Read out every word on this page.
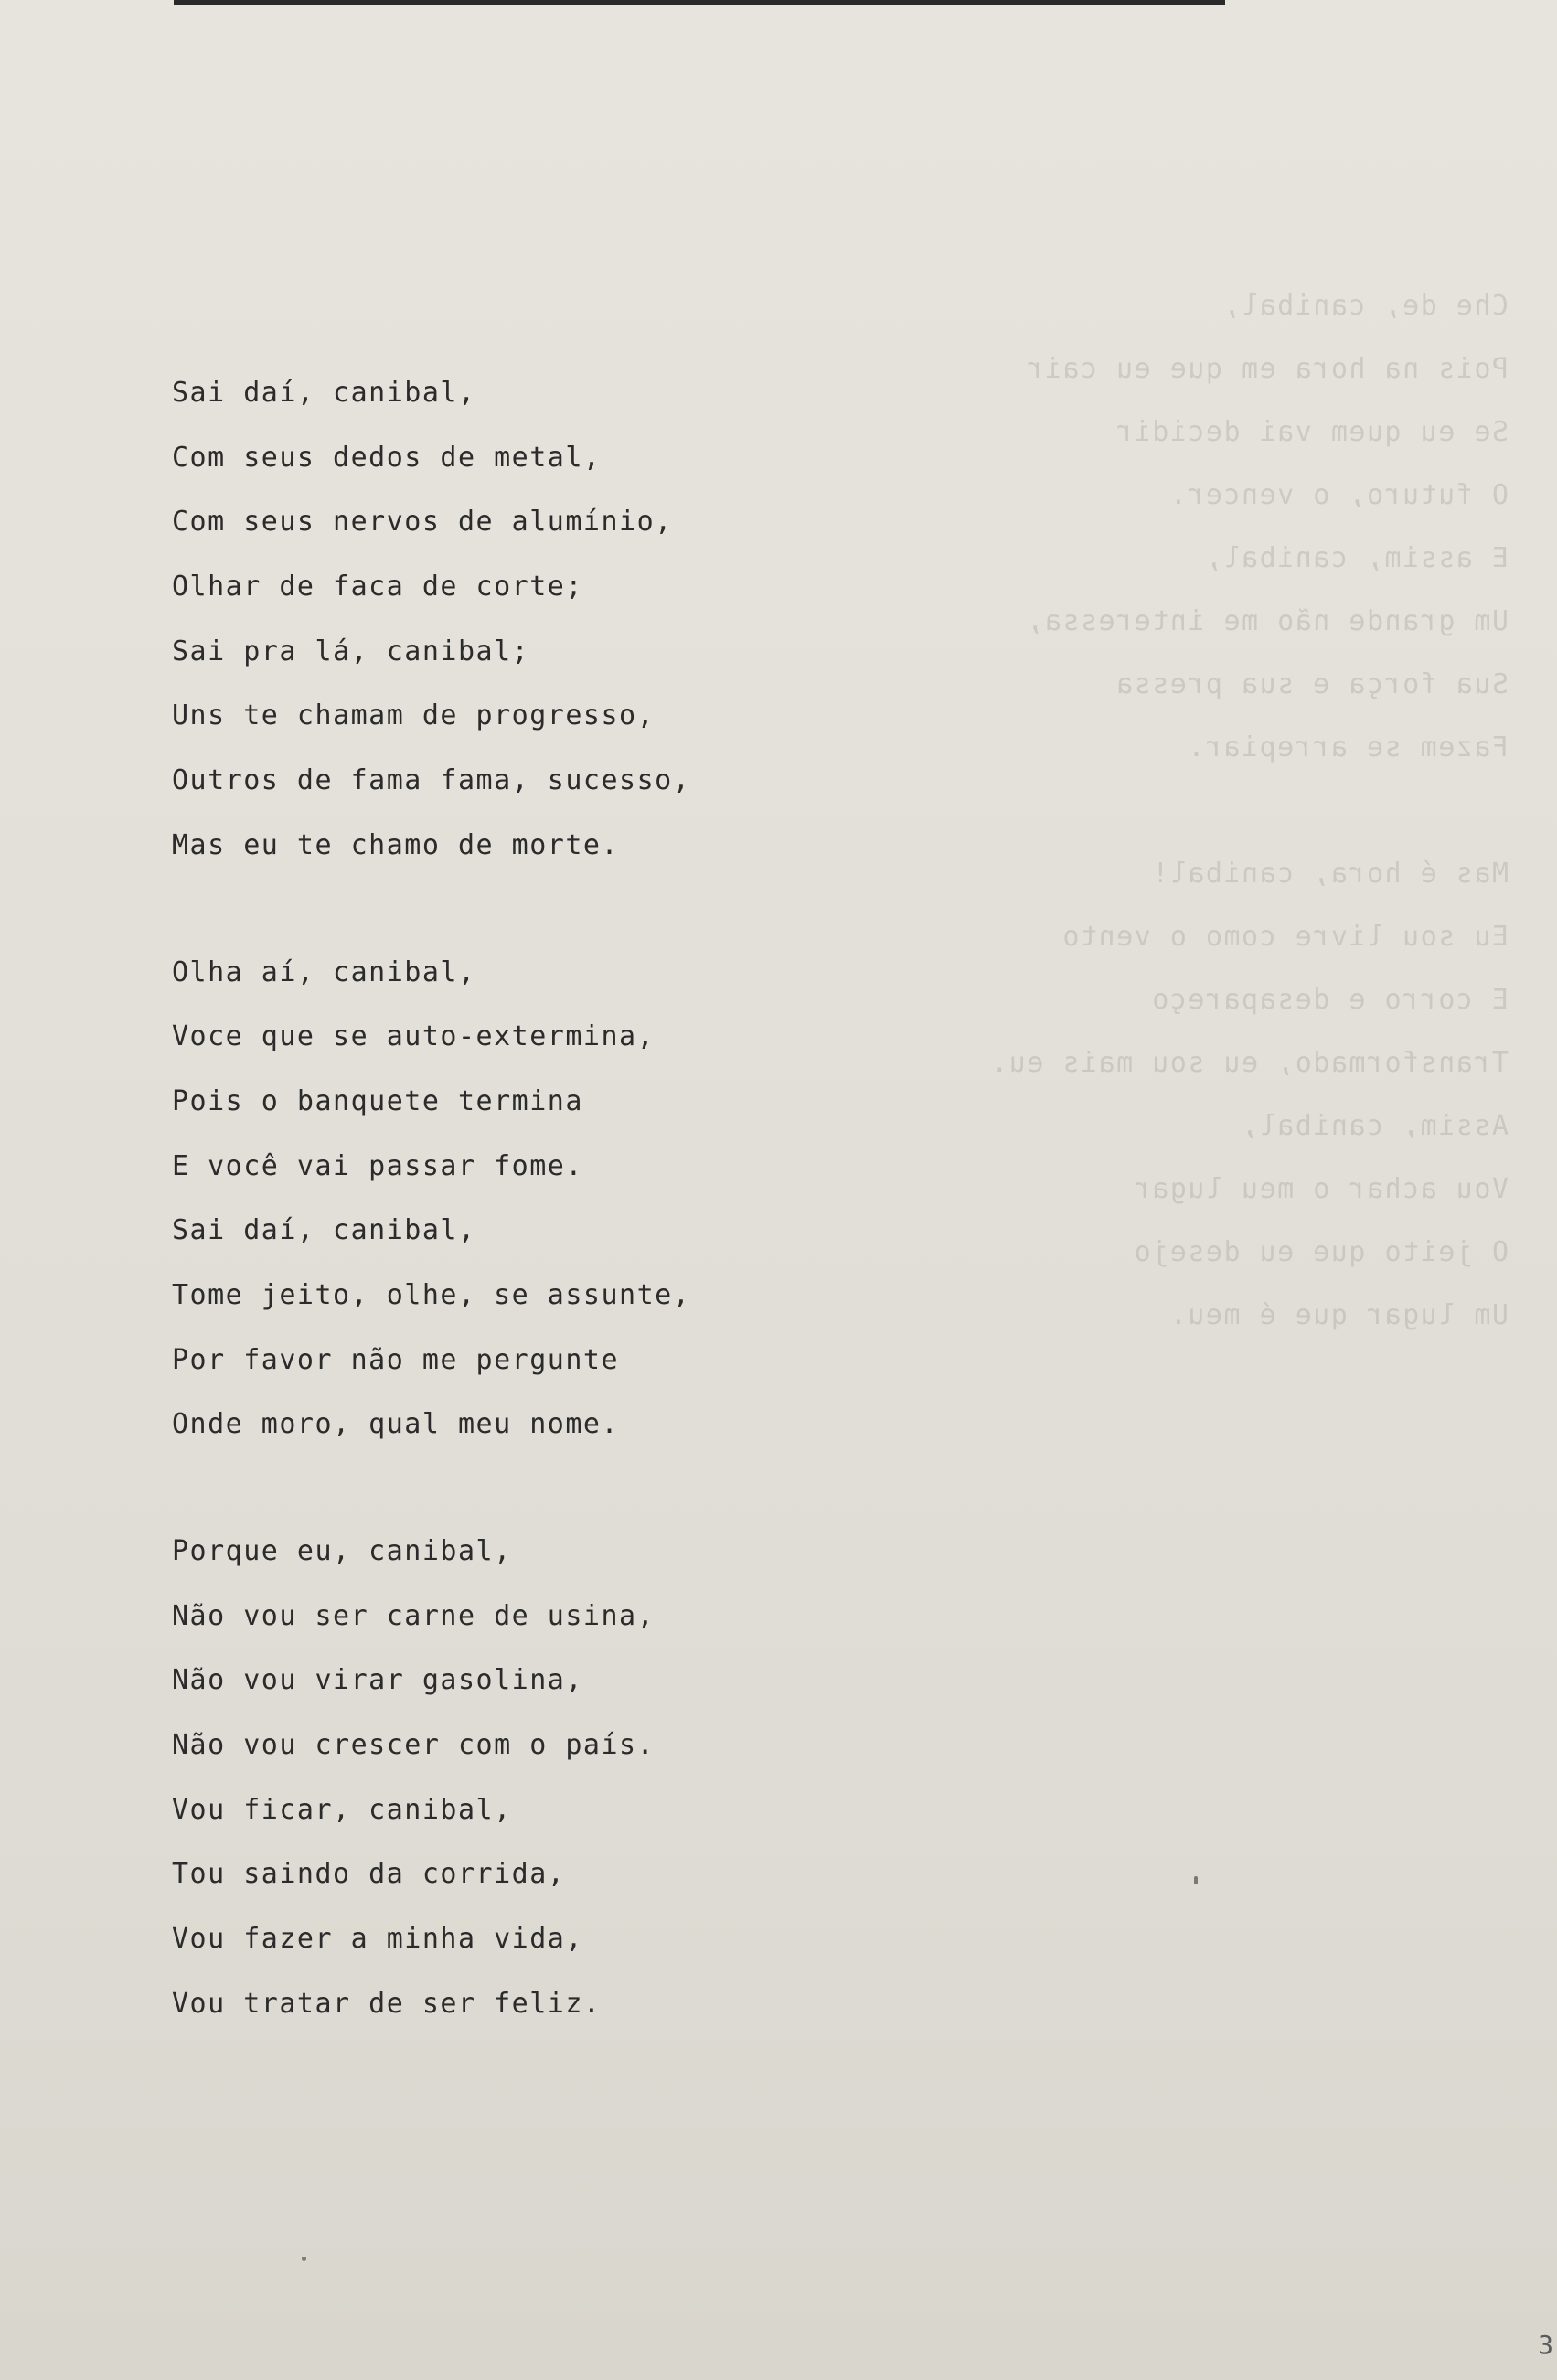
Che de, canibal,
Pois na hora em que eu cair
Se eu quem vai decidir
O futuro, o vencer.
E assim, canibal,
Um grande não me interessa,
Sua força e sua pressa
Fazem se arrepiar.
Mas é hora, canibal!
Eu sou livre como o vento
E corro e desapareço
Transformado, eu sou mais eu.
Assim, canibal,
Vou achar o meu lugar
O jeito que eu desejo
Um lugar que é meu.
Sai daí, canibal,
Com seus dedos de metal,
Com seus nervos de alumínio,
Olhar de faca de corte;
Sai pra lá, canibal;
Uns te chamam de progresso,
Outros de fama fama, sucesso,
Mas eu te chamo de morte.
Olha aí, canibal,
Voce que se auto-extermina,
Pois o banquete termina
E você vai passar fome.
Sai daí, canibal,
Tome jeito, olhe, se assunte,
Por favor não me pergunte
Onde moro, qual meu nome.
Porque eu, canibal,
Não vou ser carne de usina,
Não vou virar gasolina,
Não vou crescer com o país.
Vou ficar, canibal,
Tou saindo da corrida,
Vou fazer a minha vida,
Vou tratar de ser feliz.
3
